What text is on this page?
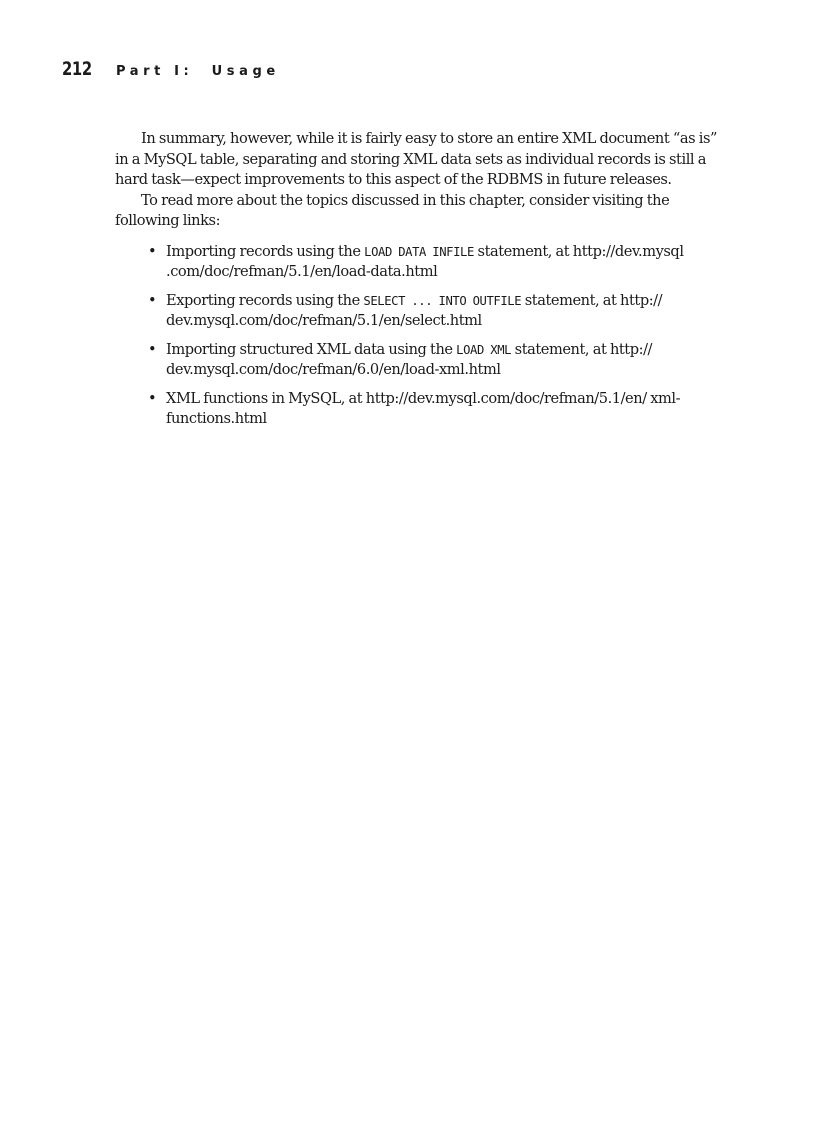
212 Part I:  Usage

In summary, however, while it is fairly easy to store an entire XML document “as is” in a MySQL table, separating and storing XML data sets as individual records is still a hard task—expect improvements to this aspect of the RDBMS in future releases.

To read more about the topics discussed in this chapter, consider visiting the following links:

• Importing records using the LOAD DATA INFILE statement, at http://dev.mysql .com/doc/refman/5.1/en/load-data.html
• Exporting records using the SELECT ... INTO OUTFILE statement, at http:// dev.mysql.com/doc/refman/5.1/en/select.html
• Importing structured XML data using the LOAD XML statement, at http:// dev.mysql.com/doc/refman/6.0/en/load-xml.html
• XML functions in MySQL, at http://dev.mysql.com/doc/refman/5.1/en/ xml-functions.html
